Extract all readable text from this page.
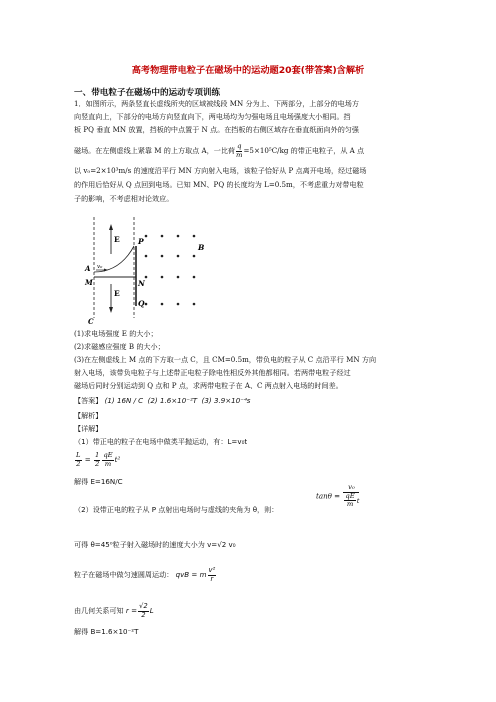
高考物理带电粒子在磁场中的运动题20套(带答案)含解析
一、带电粒子在磁场中的运动专项训练
1．如图所示，两条竖直长虚线所夹的区域被线段 MN 分为上、下两部分，上部分的电场方
向竖直向上，下部分的电场方向竖直向下，两电场均为匀强电场且电场强度大小相同。挡
板 PQ 垂直 MN 放置，挡板的中点置于 N 点。在挡板的右侧区域存在垂直纸面向外的匀强
磁场。在左侧虚线上紧靠 M 的上方取点 A，一比荷 $\frac{q}{m} =5\times 10^5C/kg$ 的带正电粒子，从 A 点
以 v₀=2×10³m/s 的速度沿平行 MN 方向射入电场，该粒子恰好从 P 点离开电场，经过磁场
的作用后恰好从 Q 点回到电场。已知 MN、PQ 的长度均为 L=0.5m，不考虑重力对带电粒
子的影响，不考虑相对论效应。
E
E
P
N
Q
B
A v₀
M
C
(1)求电场强度 E 的大小；
(2)求磁感应强度 B 的大小；
(3)在左侧虚线上 M 点的下方取一点 C，且 CM=0.5m，带负电的粒子从 C 点沿平行 MN 方向
射入电场，该带负电粒子与上述带正电粒子除电性相反外其他都相同。若两带电粒子经过
磁场后同时分别运动到 Q 点和 P 点，求两带电粒子在 A、C 两点射入电场的时间差。
【答案】 (1) 16N / C (2) 1.6×10⁻²T (3) 3.9×10⁻⁴s
【解析】
【详解】
（1）带正电的粒子在电场中做类平抛运动，有：L=v₀t
$\frac{L}{2} = \frac{1}{2} \frac{qE}{m} t^2$
解得 E=16N/C
（2）设带正电的粒子从 P 点射出电场时与虚线的夹角为 θ，则：
$\tan\theta = \frac{\text{v₀}}{\frac{qE}{m} t}$
可得 θ=45⁰粒子射入磁场时的速度大小为 v=√2 v₀
粒子在磁场中做匀速圆周运动： qvB = m $\frac{\text{v²}}{r}$
由几何关系可知 $r = \frac{√2}{2}$ L
解得 B=1.6×10⁻²T
